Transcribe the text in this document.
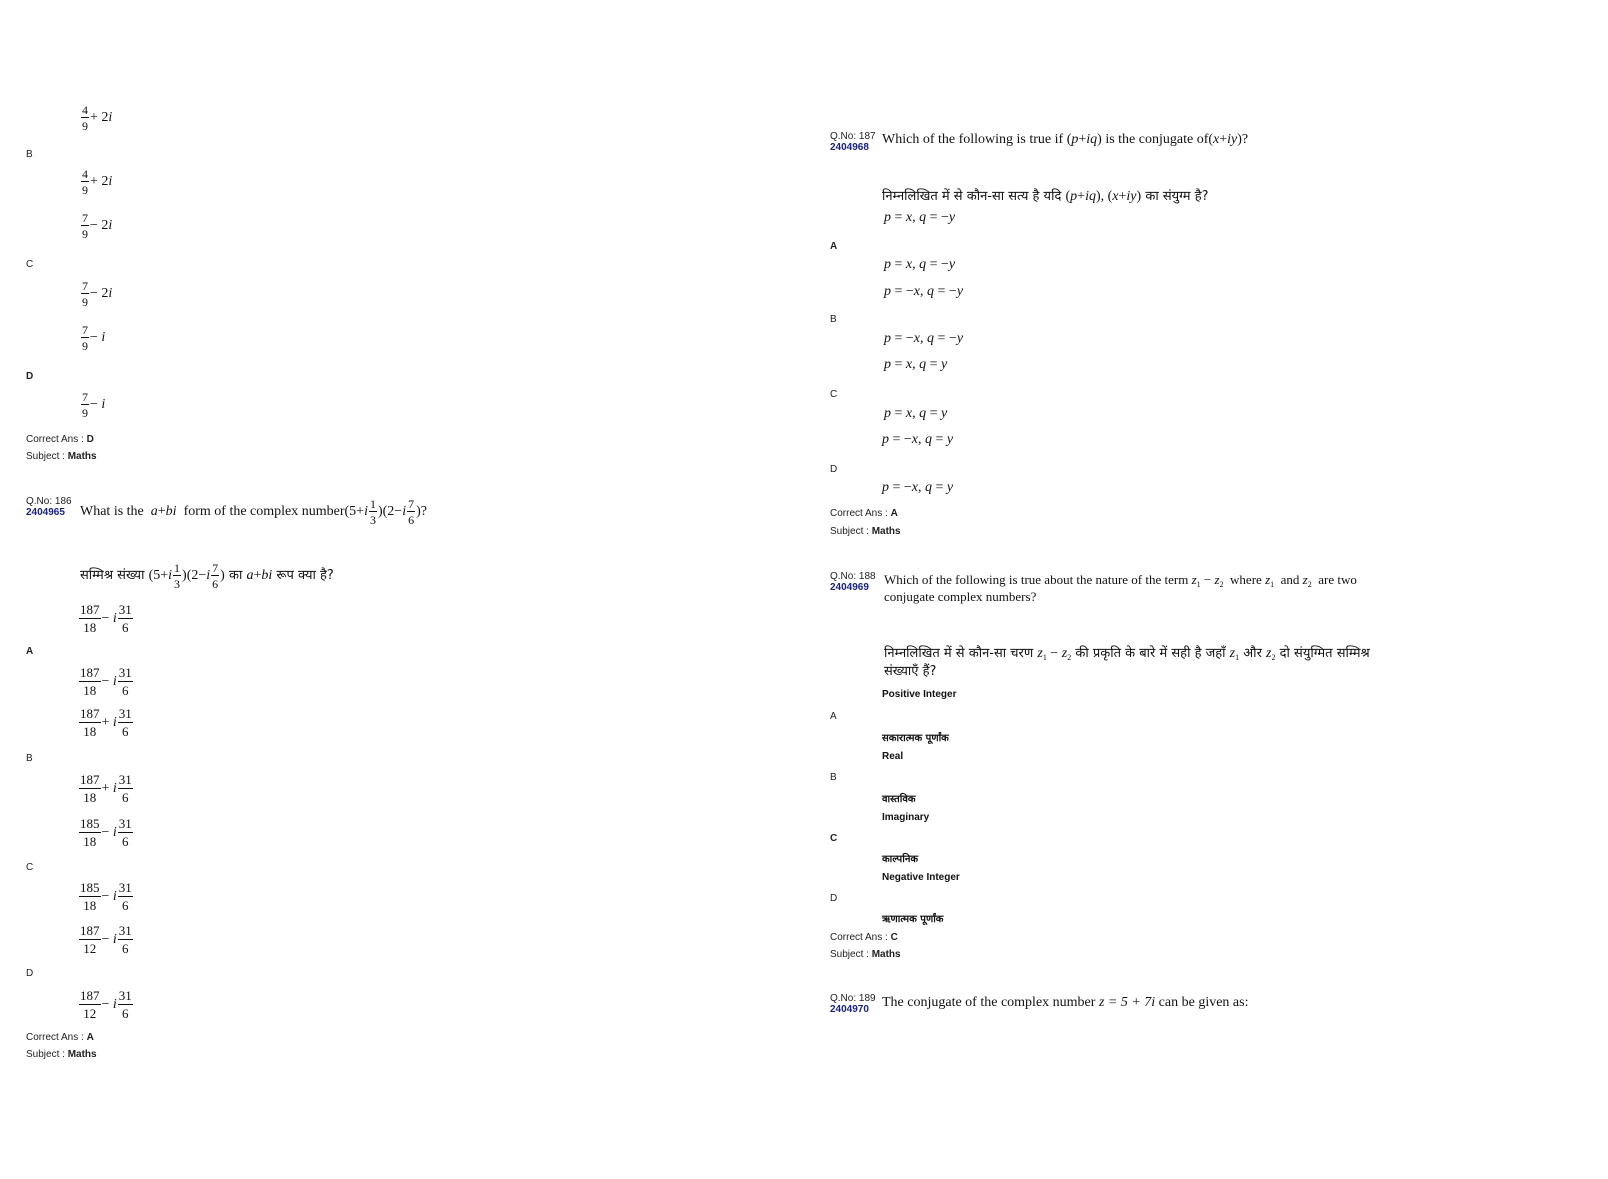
$\frac{4}{9} + 2i$
B
$\frac{4}{9} + 2i$
$\frac{7}{9} - 2i$
C
$\frac{7}{9} - 2i$
$\frac{7}{9} - i$
D
$\frac{7}{9} - i$
Correct Ans : D
Subject : Maths
Q.No: 186
2404965	What is the a+bi form of the complex number(5+i $\frac{1}{3} )(2-i \frac{7}{6}$ )?
सम्मिश्र संख्या $(5+i \frac{1}{3} )(2-i \frac{7}{6}$ ) का a+bi रूप क्या है?
$\frac{187}{18} - i \frac{31}{6}$
A
$\frac{187}{18} - i \frac{31}{6}$
$\frac{187}{18} + i \frac{31}{6}$
B
$\frac{187}{18} + i \frac{31}{6}$
$\frac{185}{18} - i \frac{31}{6}$
C
$\frac{185}{18} - i \frac{31}{6}$
$\frac{187}{12} - i \frac{31}{6}$
D
$\frac{187}{12} - i \frac{31}{6}$
Correct Ans : A
Subject : Maths
Q.No: 187
2404968
Which of the following is true if (p+iq) is the conjugate of(x+iy)?
निम्नलिखित में से कौन-सा सत्य है यदि (p+iq), (x+iy) का संयुग्म है?
p = x, q = −y
A
p = x, q = −y
p = −x, q = −y
B
p = −x, q = −y
p = x, q = y
C
p = x, q = y
p = −x, q = y
D
p = −x, q = y
Correct Ans : A
Subject : Maths
Q.No: 188
2404969
Which of the following is true about the nature of the term $z_1 - z_2$ where $z_1$ and $z_2$ are two
conjugate complex numbers?
निम्नलिखित में से कौन-सा चरण $z_1 - z_2$ की प्रकृति के बारे में सही है जहाँ $z_1$ और $z_2$ दो संयुग्मित सम्मिश्र
संख्याएँ हैं?
Positive Integer
A
सकारात्मक पूर्णांक
Real
B
वास्तविक
Imaginary
C
काल्पनिक
Negative Integer
D
ऋणात्मक पूर्णांक
Correct Ans : C
Subject : Maths
Q.No: 189
2404970 The conjugate of the complex number z = 5 + 7i can be given as:
